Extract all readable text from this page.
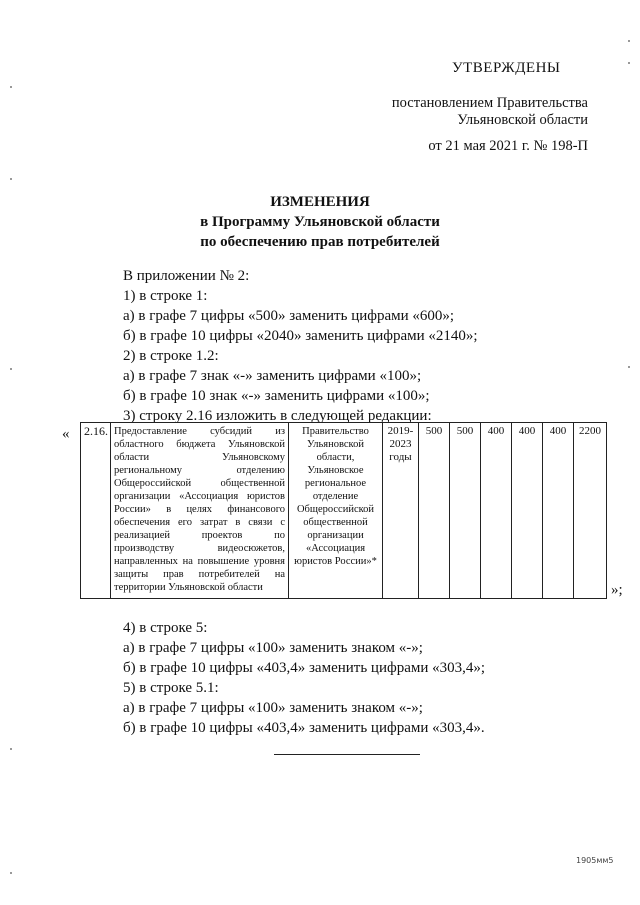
УТВЕРЖДЕНЫ
постановлением Правительства
Ульяновской области
от 21 мая 2021 г. № 198-П
ИЗМЕНЕНИЯ
в Программу Ульяновской области
по обеспечению прав потребителей
В приложении № 2:
1) в строке 1:
а) в графе 7 цифры «500» заменить цифрами «600»;
б) в графе 10 цифры «2040» заменить цифрами «2140»;
2) в строке 1.2:
а) в графе 7 знак «-» заменить цифрами «100»;
б) в графе 10 знак «-» заменить цифрами «100»;
3) строку 2.16 изложить в следующей редакции:
« 2.16.	Предоставление субсидий из областного бюджета Ульяновской области Ульяновскому региональному отделению Общероссийской общественной организации «Ассоциация юристов России» в целях финансового обеспечения его затрат в связи с реализацией проектов по производству видеосюжетов, направленных на повышение уровня защиты прав потребителей на территории Ульяновской области	Правительство Ульяновской области, Ульяновское региональное отделение Общероссийской общественной организации «Ассоциация юристов России»*	2019-2023 годы	500	500	400	400	400	2200
»;
4) в строке 5:
а) в графе 7 цифры «100» заменить знаком «-»;
б) в графе 10 цифры «403,4» заменить цифрами «303,4»;
5) в строке 5.1:
а) в графе 7 цифры «100» заменить знаком «-»;
б) в графе 10 цифры «403,4» заменить цифрами «303,4».
1905мм5
